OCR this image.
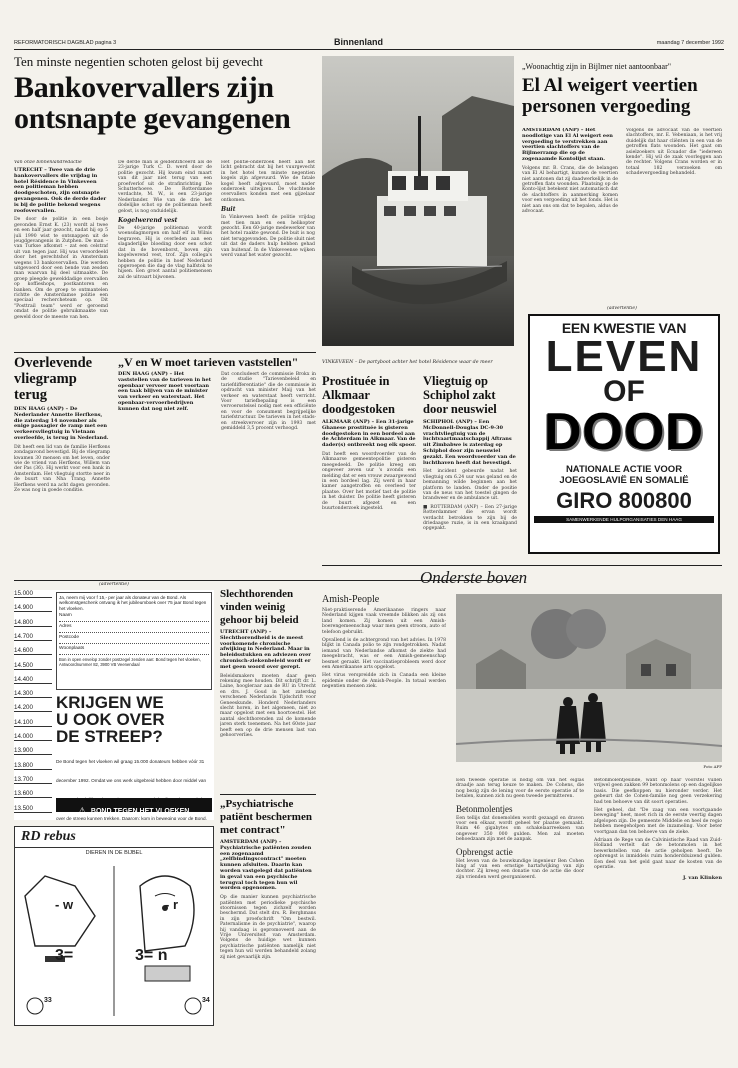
REFORMATORISCH DAGBLAD pagina 3	Binnenland	maandag 7 december 1992
Ten minste negentien schoten gelost bij gevecht
Bankovervallers zijn ontsnapte gevangenen
Van onze binnenlandredactie
UTRECHT – Twee van de drie bankovervallers die vrijdag in hotel Résidence in Vinkeveen een politieman hebben doodgeschoten, zijn ontsnapte gevangenen. Ook de derde dader is bij de politie bekend wegens roofovervallen.
De door de politie in een bosje gevonden Ernst K. (23) wordt al twee en een half jaar gezocht, nadat hij op 5 juli 1990 wist te ontsnappen uit de jeugdgevangenis in Zutphen. De man – van Turkse afkomst – zat een celstraf uit van tegen jaar. Hij was veroordeeld door het gerechtshof in Amsterdam wegens 13 bankovervallen. Die werden uitgevoerd door een bende van zesden man waarvan hij deel uitmaakte. De groep pleegde gewelddadige overvallen op koffieshops, postkantoren en banken. Om de groep te ontmantelen richtte de Amsterdamse politie een speciaal rechercheteam op. Dit "Posttrail team" werd er geroemd omdat de politie gebruikmaakte van geweld door de meeste van hen.
De derde man is geïdentificeerd als de 23-jarige Turk C. D. werd door de politie gezocht. Hij kwam eind maart van dit jaar niet terug van een proefverlof uit de strafinrichting De Schutterhoeve. De Rotterdamse verdachte, M. W., is een 23-jarige Nederlander. Wie van de drie het dodelijke schot op de politieman heeft gelost, is nog onduidelijk.
Kogelwerend vest
De 40-jarige politieman wordt woensdagmorgen om half elf in Wilnis begraven. Hij is overleden aan een slagaderlijke bloeding door een schot dat in de bovenborst, boven zijn kogelwerend vest, trof. Zijn collega's hebben de politie in hoef Nederland opgeroepen die dag de vlag halfstok te hijsen. Een groot aantal politiemensen zal de uitvaart bijwonen.
Het politie-onderzoek heeft aan het licht gebracht dat bij het vuurgevecht in het hotel ten minste negentien kogels zijn afgevuurd. Wie de fatale kogel heeft afgevuurd, moet nader onderzoek uitwijzen. De vluchtende overvallers konden met een gijzelaar ontkomen.
Buit
In Vinkeveen heeft de politie vrijdag met tien man en een helikopter gezocht. Een 60-jarige medewerker van het hotel raakte gewond. De buit is nog niet teruggevonden. De politie sluit niet uit dat de daders hulp hebben gehad van buitenaf. In de Vinkeveense wijken werd vanaf het water gezocht.
VINKEVEEN – De partyboot achter het hotel Résidence waar de meer
„Woonachtig zijn in Bijlmer niet aantoonbaar"
El Al weigert veertien personen vergoeding
AMSTERDAM (ANP) – Het noodlotige van El Al weigert een vergoeding te verstrekken aan veertien slachtoffers van de Bijlmerramp die op de zogenaamde Kontolijst staan.
Volgens mr. B. Crans, die de belangen van El Al behartigt, kunnen de veertien niet aantonen dat zij daadwerkelijk in de getroffen flats woonden. Plaatsing op de Konto-lijst betekent niet automatisch dat de slachtoffers in aanmerking komen voor een vergoeding uit het fonds. Het is niet aan ons om dat te bepalen, aldus de advocaat.
Volgens de advocaat van de veertien slachtoffers, mr. E. Vebeniaan, is het vrij duidelijk dat haar cliënten in een van de getroffen flats woonden. Het gaat om asielzoekers uit Ecuador die "iedereen kende". Hij wil de zaak voorleggen aan de rechter. Volgens Crans worden er in totaal 182 verzoeken om schadevergoeding behandeld.
(advertentie)
EEN KWESTIE VAN
LEVEN
OF
DOOD
NATIONALE ACTIE VOOR
JOEGOSLAVIË EN SOMALIË
GIRO 800800
SAMENWERKENDE HULPORGANISATIES DEN HAAG
Overlevende vliegramp terug
DEN HAAG (ANP) – De Nederlander Annette Herfkens, die zaterdag 14 november als enige passagier de ramp met een verkeersvliegtuig in Vietnam overleefde, is terug in Nederland.
Dit heeft een lid van de familie Herfkens zondagavond bevestigd. Bij de vliegramp kwamen 30 mensen om het leven, onder wie de vriend van Herfkens, Willem van der Pas (36). Hij werkt voor een bank in Amsterdam. Het vliegtuig stortte neer in de buurt van Nha Trang. Annette Herfkens werd na acht dagen gevonden. Ze was nog in goede conditie.
„V en W moet tarieven vaststellen"
DEN HAAG (ANP) – Het vaststellen van de tarieven in het openbaar vervoer moet voortaan een taak blijven van de minister van verkeer en waterstaat. Het openbaar-vervoerbedrijven kunnen dat nog niet zelf.
Dat concludeert de commissie Brokx in de studie "Tarievenbeleid en tariefdifferentiatie" die de commissie in opdracht van minister Maij van het verkeer en waterstaat heeft verricht. Voor tariefbepaling is een vervoersstelsel nodig met een efficiënte en voor de consument begrijpelijke tariefstructuur. De tarieven in het stads- en streekvervoer zijn in 1993 met gemiddeld 3,5 procent verhoogd.
Prostituée in Alkmaar doodgestoken
ALKMAAR (ANP) – Een 31-jarige Ghanese prostituée is gisteren doodgestoken in een bordeel aan de Achterdam in Alkmaar. Van de dader(s) ontbreekt nog elk spoor.
Dat heeft een woordvoerder van de Alkmaarse gemeentepolitie gisteren meegedeeld. De politie kreeg om ongeveer zeven uur 's avonds een melding dat er een vrouw zwaargewond in een bordeel lag. Zij werd in haar kamer aangetroffen en overleed ter plaatse. Over het motief tast de politie in het duister. De politie heeft gisteren de buurt afgezet en een buurtonderzoek ingesteld.
Vliegtuig op Schiphol zakt door neuswiel
SCHIPHOL (ANP) – Een McDonnell-Douglas DC-9-30 vrachtvliegtuig van de luchtvaartmaatschappij Aftrans uit Zimbabwe is zaterdag op Schiphol door zijn neuswiel gezakt. Een woordvoerder van de luchthaven heeft dat bevestigd.
Het incident gebeurde nadat het vliegtuig om 6.24 uur was geland en de bemanning wilde beginnen aan het platform te landen. Onder de positie van de neus van het toestel gingen de brandweer en de ambulance uit.
■ ROTTERDAM (ANP) – Een 27-jarige Rotterdammer die ervan wordt verdacht betrokken te zijn bij de driedaagse ruzie, is in een kraakpand opgepakt.
(advertentie)
15.000
14.900
14.800
14.700
14.600
14.500
14.400
14.300
14.200
14.100
14.000
13.900
13.800
13.700
13.600
13.500
Ja, neem mij voor f 15,- per jaar als donateur van de Bond. Als welkomstgeschenk ontvang ik het jubileumboek over 75 jaar Bond tegen het vloeken.
Naam
Adres
Postcode
Woonplaats
Bon in open envelop zonder postzegel zenden aan: Bond tegen het vloeken, Antwoordnummer 82, 3900 VB Veenendaal
KRIJGEN WE
U OOK OVER
DE STREEP?
De Bond tegen het vloeken wil graag 15.000 donateurs hebben vóór 31 december 1992. Omdat we ons werk uitgebreid hebben door middel van over de streep kunnen trekken. Daarom: kom in beweging voor de Bond.
⚠ BOND TEGEN HET VLOEKEN
Slechthorenden vinden weinig gehoor bij beleid
UTRECHT (ANP) – Slechthorendheid is de meest voorkomende chronische afwijking in Nederland. Maar in beleidsstukken en adviezen over chronisch-ziekenbeleid wordt er met geen woord over gerept.
Beleidsmakers moeten daar geen rekening mee houden. Dit schrijft dr. L. Laine, hoogleraar aan de RU in Utrecht en drs. J. Goud in het zaterdag verschenen Nederlands Tijdschrift voor Geneeskunde. Honderd Nederlanders slecht horen, in het algemeen, niet zo maar opgelost met een hoortoestel. Het aantal slechthorenden zal de komende jaren sterk toenemen. Na het 60ste jaar heeft een op de drie mensen last van gehoorverlies.
„Psychiatrische patiënt beschermen met contract"
AMSTERDAM (ANP) – Psychiatrische patiënten zouden een zogenaamd „zelfbindingscontract" moeten kunnen afsluiten. Daarin kan worden vastgelegd dat patiënten in geval van een psychische terugval toch tegen hun wil worden opgenomen.
Op die manier kunnen psychiatrische patiënten met periodieke psychische stoornissen tegen zichzelf worden beschermd. Dat stelt drs. R. Berghmans in zijn proefschrift "Om bestwil. Paternalisme in de psychiatrie", waarop hij vandaag is gepromoveerd aan de Vrije Universiteit van Amsterdam. Volgens de huidige wet kunnen psychiatrische patiënten namelijk niet tegen hun wil worden behandeld zolang zij niet gevaarlijk zijn.
RD rebus
DIEREN IN DE BIJBEL
- w	- r
3=	3= n
33	34
Onderste boven
Amish-People
Niet-praktiserende Amerikaanse ringers naar Nederland kijgen vaak vreemde blikken als zij ons land komen. Zij komen uit een Amish-boerengemeenschap waar men geen stroom, auto of telefoon gebruikt.
Opvallend is de achtergrond van het advies. In 1978 blijkt in Canada polio te zijn rondgetrokken. Nadat iemand van Nederlandse afkomst de ziekte had meegebracht, was er een Amish-gemeenschap besmet geraakt. Het vaccinatieprobleem werd door een Amerikaanse arts opgelost.
Het virus verspreidde zich in Canada een kleine epidemie onder de Amish-People. In totaal werden negentien mensen ziek.
Foto AFP
Een tweede operatie is nodig om van het eiglas draadje aan terug keuze te maken. De Cohens, die nog bezig zijn de lening voor de eerste operatie af te betalen, kunnen zich nu geen tweede permitteren.
Betonmolentjes
Een tellijs dat donemolden wordt gezaagd en draven voor een elkaar, wordt geheel ter plaatse gemaakt. Ruim 46 gigabytes om schakelaarreeksen van ongeveer 350 000 gulden. Men zal moeten behoedzaam zijn met de aanpak.
Opbrengst actie
Het leven van de bouwkundige ingenieur Ben Cohen hing af van een ernstige hartafwijking van zijn dochter. Zij kreeg een donatie van de actie die door zijn vrienden werd georganiseerd.
Betonmolentjesinde, want op haar voorstel vullen vrijwel geen zakken 99 betonmolens op een dagelijkse basis. Die geefkoppen nu hieronder verder. Het gebeurt dat de Cohen-familie nog geen verzekering had ten behoeve van dit soort operaties.
Het geheel, dat "De zaag van een voortgaande beweging" heet, moet rich in de eerste veertig dagen afgelopen zijn. De gemeente Middelie en heel de regio hebben meegeholpen met de inzameling. Voor beter voortgaan dan ten behoeve van de zieke.
Adriaan de Rege van de Calvinistische Raad van Zuid-Holland vertelt dat de betonmolen in het bewerkstellen van de actie geholpen heeft. De opbrengst is inmiddels ruim honderdduizend gulden. Een deel van het geld gaat naar de kosten van de operatie.
J. van Klinken
